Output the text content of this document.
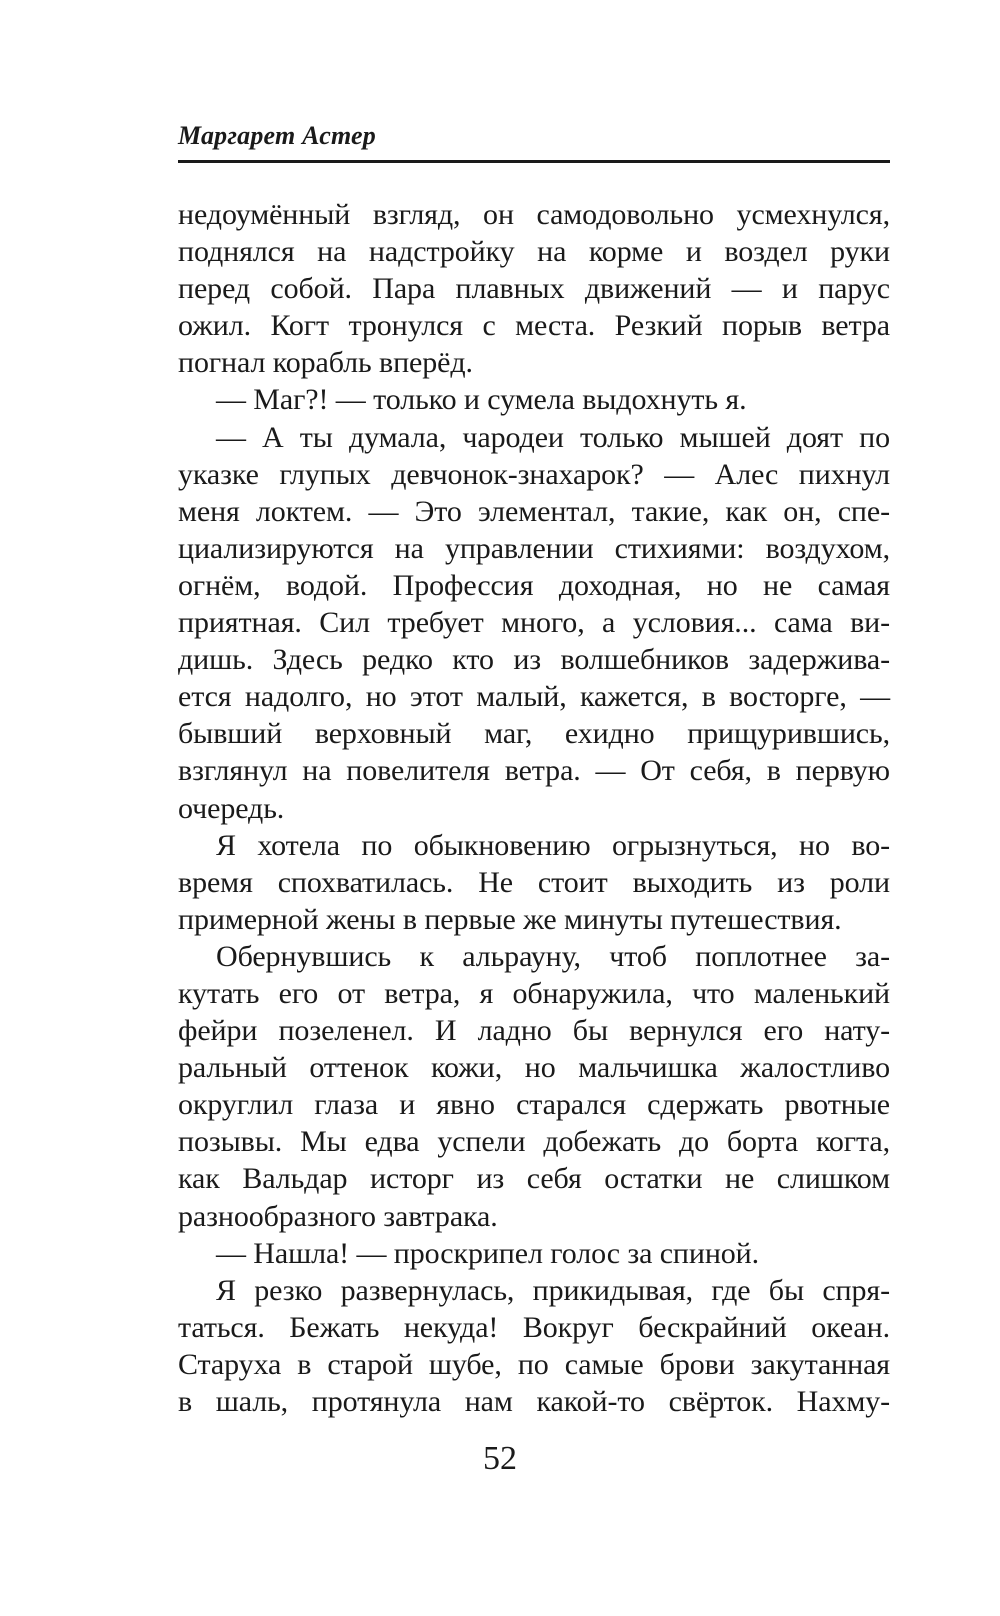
Маргарет Астер
недоумённый взгляд, он самодовольно усмехнулся,
поднялся на надстройку на корме и воздел руки
перед собой. Пара плавных движений — и парус
ожил. Когт тронулся с места. Резкий порыв ветра
погнал корабль вперёд.
— Маг?! — только и сумела выдохнуть я.
— А ты думала, чародеи только мышей доят по
указке глупых девчонок-знахарок? — Алес пихнул
меня локтем. — Это элементал, такие, как он, спе-
циализируются на управлении стихиями: воздухом,
огнём, водой. Профессия доходная, но не самая
приятная. Сил требует много, а условия... сама ви-
дишь. Здесь редко кто из волшебников задержива-
ется надолго, но этот малый, кажется, в восторге, —
бывший верховный маг, ехидно прищурившись,
взглянул на повелителя ветра. — От себя, в первую
очередь.
Я хотела по обыкновению огрызнуться, но во-
время спохватилась. Не стоит выходить из роли
примерной жены в первые же минуты путешествия.
Обернувшись к альрауну, чтоб поплотнее за-
кутать его от ветра, я обнаружила, что маленький
фейри позеленел. И ладно бы вернулся его нату-
ральный оттенок кожи, но мальчишка жалостливо
округлил глаза и явно старался сдержать рвотные
позывы. Мы едва успели добежать до борта когта,
как Вальдар исторг из себя остатки не слишком
разнообразного завтрака.
— Нашла! — проскрипел голос за спиной.
Я резко развернулась, прикидывая, где бы спря-
таться. Бежать некуда! Вокруг бескрайний океан.
Старуха в старой шубе, по самые брови закутанная
в шаль, протянула нам какой-то свёрток. Нахму-
52
